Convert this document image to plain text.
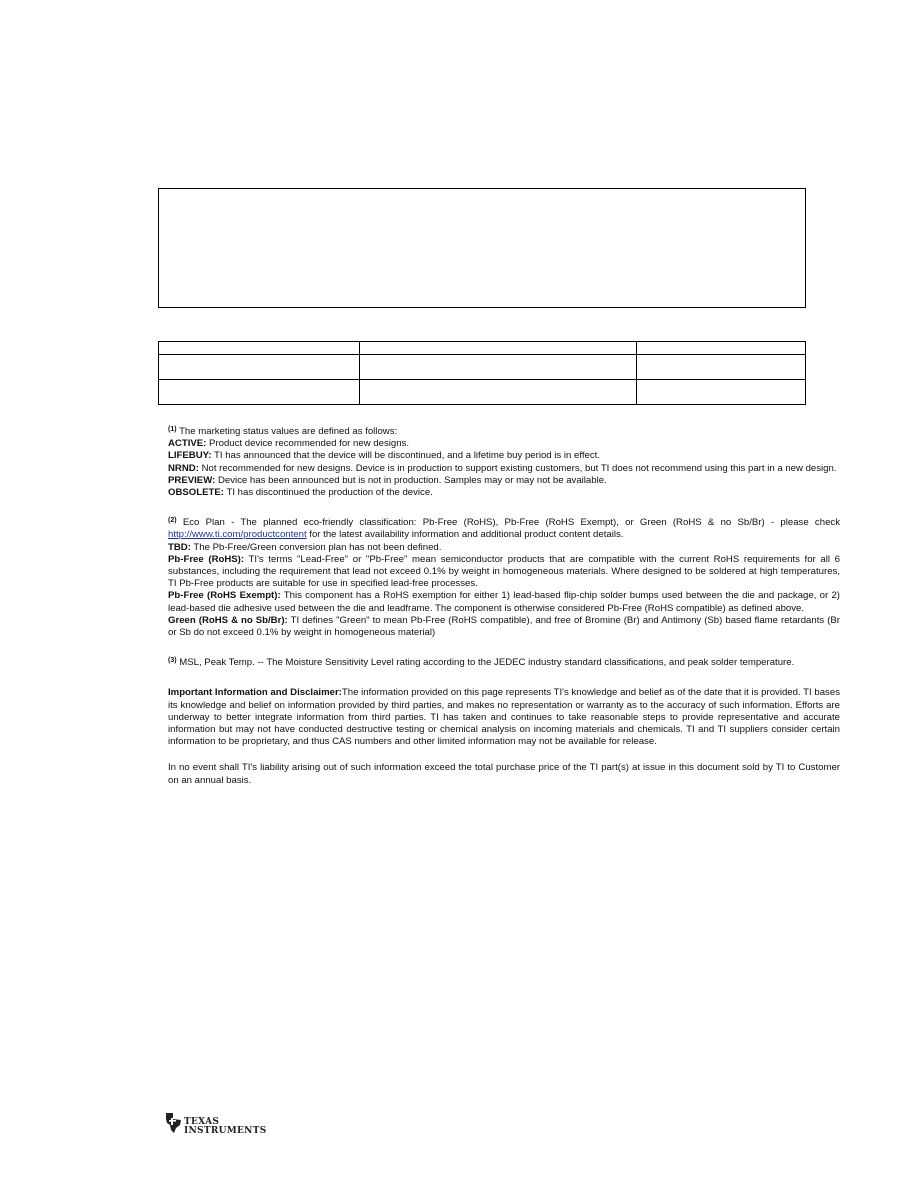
$^{(1)}$ The marketing status values are defined as follows:

ACTIVE: Product device recommended for new designs.

LIFEBUY: TI has announced that the device will be discontinued, and a lifetime buy period is in effect.

NRND: Not recommended for new designs. Device is in production to support existing customers, but TI does not recommend using this part in a new design.

PREVIEW: Device has been announced but is not in production. Samples may or may not be available.

OBSOLETE: TI has discontinued the production of the device.

$^{(2)}$ Eco Plan - The planned eco-friendly classification: Pb-Free (RoHS), Pb-Free (RoHS Exempt), or Green (RoHS & no Sb/Br) - please check http://www.ti.com/productcontent for the latest availability information and additional product content details.

TBD: The Pb-Free/Green conversion plan has not been defined.

Pb-Free (RoHS): TI's terms "Lead-Free" or "Pb-Free" mean semiconductor products that are compatible with the current RoHS requirements for all 6 substances, including the requirement that lead not exceed 0.1% by weight in homogeneous materials. Where designed to be soldered at high temperatures, TI Pb-Free products are suitable for use in specified lead-free processes.

Pb-Free (RoHS Exempt): This component has a RoHS exemption for either 1) lead-based flip-chip solder bumps used between the die and package, or 2) lead-based die adhesive used between the die and leadframe. The component is otherwise considered Pb-Free (RoHS compatible) as defined above.

Green (RoHS & no Sb/Br): TI defines "Green" to mean Pb-Free (RoHS compatible), and free of Bromine (Br) and Antimony (Sb) based flame retardants (Br or Sb do not exceed 0.1% by weight in homogeneous material)

$^{(3)}$ MSL, Peak Temp. -- The Moisture Sensitivity Level rating according to the JEDEC industry standard classifications, and peak solder temperature.

Important Information and Disclaimer:The information provided on this page represents TI's knowledge and belief as of the date that it is provided. TI bases its knowledge and belief on information provided by third parties, and makes no representation or warranty as to the accuracy of such information. Efforts are underway to better integrate information from third parties. TI has taken and continues to take reasonable steps to provide representative and accurate information but may not have conducted destructive testing or chemical analysis on incoming materials and chemicals. TI and TI suppliers consider certain information to be proprietary, and thus CAS numbers and other limited information may not be available for release.

In no event shall TI's liability arising out of such information exceed the total purchase price of the TI part(s) at issue in this document sold by TI to Customer on an annual basis.

TEXAS
INSTRUMENTS
